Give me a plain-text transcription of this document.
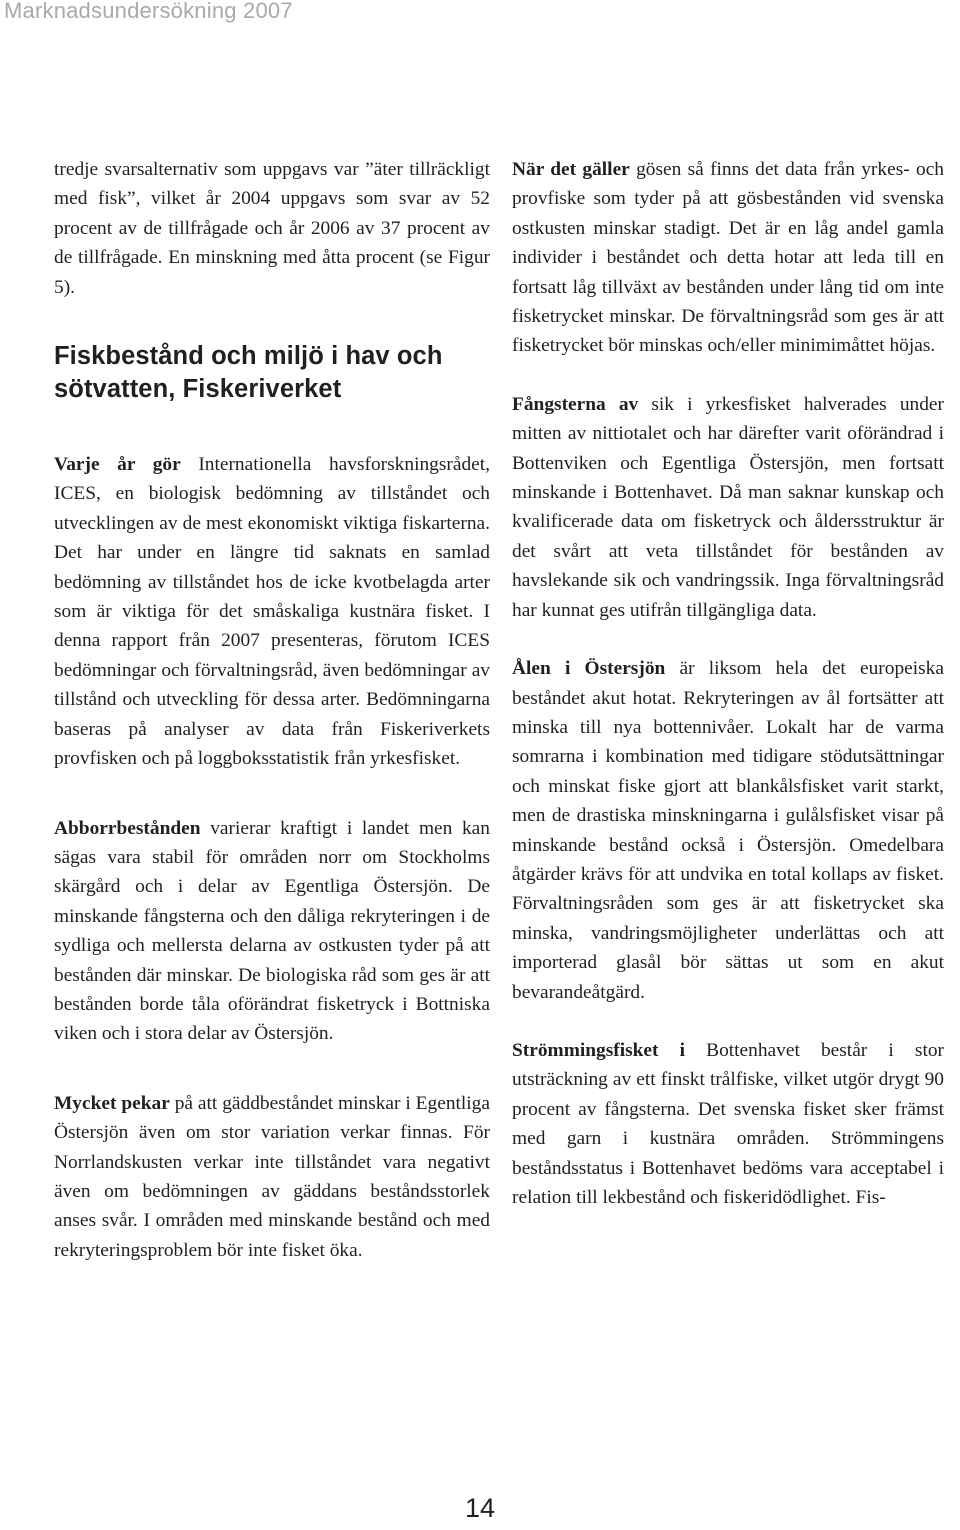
Marknadsundersökning 2007

tredje svarsalternativ som uppgavs var ”äter tillräckligt med fisk”, vilket år 2004 uppgavs som svar av 52 procent av de tillfrågade och år 2006 av 37 procent av de tillfrågade. En minskning med åtta procent (se Figur 5).

Fiskbestånd och miljö i hav och sötvatten, Fiskeriverket

Varje år gör Internationella havsforskningsrådet, ICES, en biologisk bedömning av tillståndet och utvecklingen av de mest ekonomiskt viktiga fiskarterna. Det har under en längre tid saknats en samlad bedömning av tillståndet hos de icke kvotbelagda arter som är viktiga för det småskaliga kustnära fisket. I denna rapport från 2007 presenteras, förutom ICES bedömningar och förvaltningsråd, även bedömningar av tillstånd och utveckling för dessa arter. Bedömningarna baseras på analyser av data från Fiskeriverkets provfisken och på loggboksstatistik från yrkesfisket.

Abborrbestånden varierar kraftigt i landet men kan sägas vara stabil för områden norr om Stockholms skärgård och i delar av Egentliga Östersjön. De minskande fångsterna och den dåliga rekryteringen i de sydliga och mellersta delarna av ostkusten tyder på att bestånden där minskar. De biologiska råd som ges är att bestånden borde tåla oförändrat fisketryck i Bottniska viken och i stora delar av Östersjön.

Mycket pekar på att gäddbeståndet minskar i Egentliga Östersjön även om stor variation verkar finnas. För Norrlandskusten verkar inte tillståndet vara negativt även om bedömningen av gäddans beståndsstorlek anses svår. I områden med minskande bestånd och med rekryteringsproblem bör inte fisket öka.

När det gäller gösen så finns det data från yrkes- och provfiske som tyder på att gösbestånden vid svenska ostkusten minskar stadigt. Det är en låg andel gamla individer i beståndet och detta hotar att leda till en fortsatt låg tillväxt av bestånden under lång tid om inte fisketrycket minskar. De förvaltningsråd som ges är att fisketrycket bör minskas och/eller minimimåttet höjas.

Fångsterna av sik i yrkesfisket halverades under mitten av nittiotalet och har därefter varit oförändrad i Bottenviken och Egentliga Östersjön, men fortsatt minskande i Bottenhavet. Då man saknar kunskap och kvalificerade data om fisketryck och åldersstruktur är det svårt att veta tillståndet för bestånden av havslekande sik och vandringssik. Inga förvaltningsråd har kunnat ges utifrån tillgängliga data.

Ålen i Östersjön är liksom hela det europeiska beståndet akut hotat. Rekryteringen av ål fortsätter att minska till nya bottennivåer. Lokalt har de varma somrarna i kombination med tidigare stödutsättningar och minskat fiske gjort att blankålsfisket varit starkt, men de drastiska minskningarna i gulålsfisket visar på minskande bestånd också i Östersjön. Omedelbara åtgärder krävs för att undvika en total kollaps av fisket. Förvaltningsråden som ges är att fisketrycket ska minska, vandringsmöjligheter underlättas och att importerad glasål bör sättas ut som en akut bevarandeåtgärd.

Strömmingsfisket i Bottenhavet består i stor utsträckning av ett finskt trålfiske, vilket utgör drygt 90 procent av fångsterna. Det svenska fisket sker främst med garn i kustnära områden. Strömmingens beståndsstatus i Bottenhavet bedöms vara acceptabel i relation till lekbestånd och fiskeridödlighet. Fis-

14
